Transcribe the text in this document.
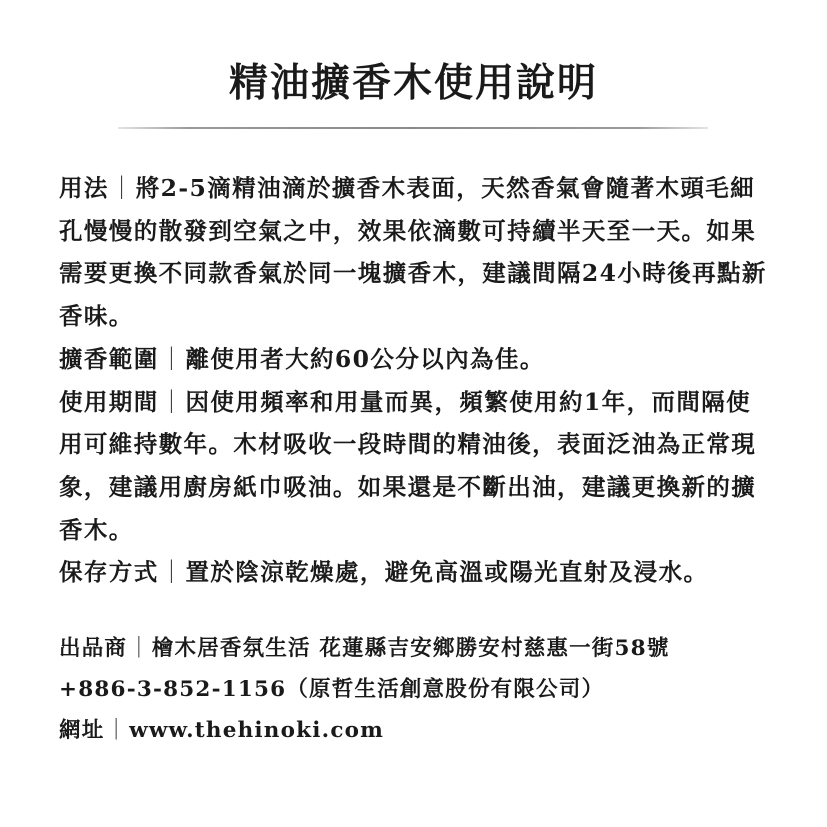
精油擴香木使用說明

用法｜將2-5滴精油滴於擴香木表面，天然香氣會隨著木頭毛細孔慢慢的散發到空氣之中，效果依滴數可持續半天至一天。如果需要更換不同款香氣於同一塊擴香木，建議間隔24小時後再點新香味。

擴香範圍｜離使用者大約60公分以內為佳。

使用期間｜因使用頻率和用量而異，頻繁使用約1年，而間隔使用可維持數年。木材吸收一段時間的精油後，表面泛油為正常現象，建議用廚房紙巾吸油。如果還是不斷出油，建議更換新的擴香木。

保存方式｜置於陰涼乾燥處，避免高溫或陽光直射及浸水。

出品商｜檜木居香氛生活 花蓮縣吉安鄉勝安村慈惠一街58號

+886-3-852-1156（原哲生活創意股份有限公司）

網址｜www.thehinoki.com
